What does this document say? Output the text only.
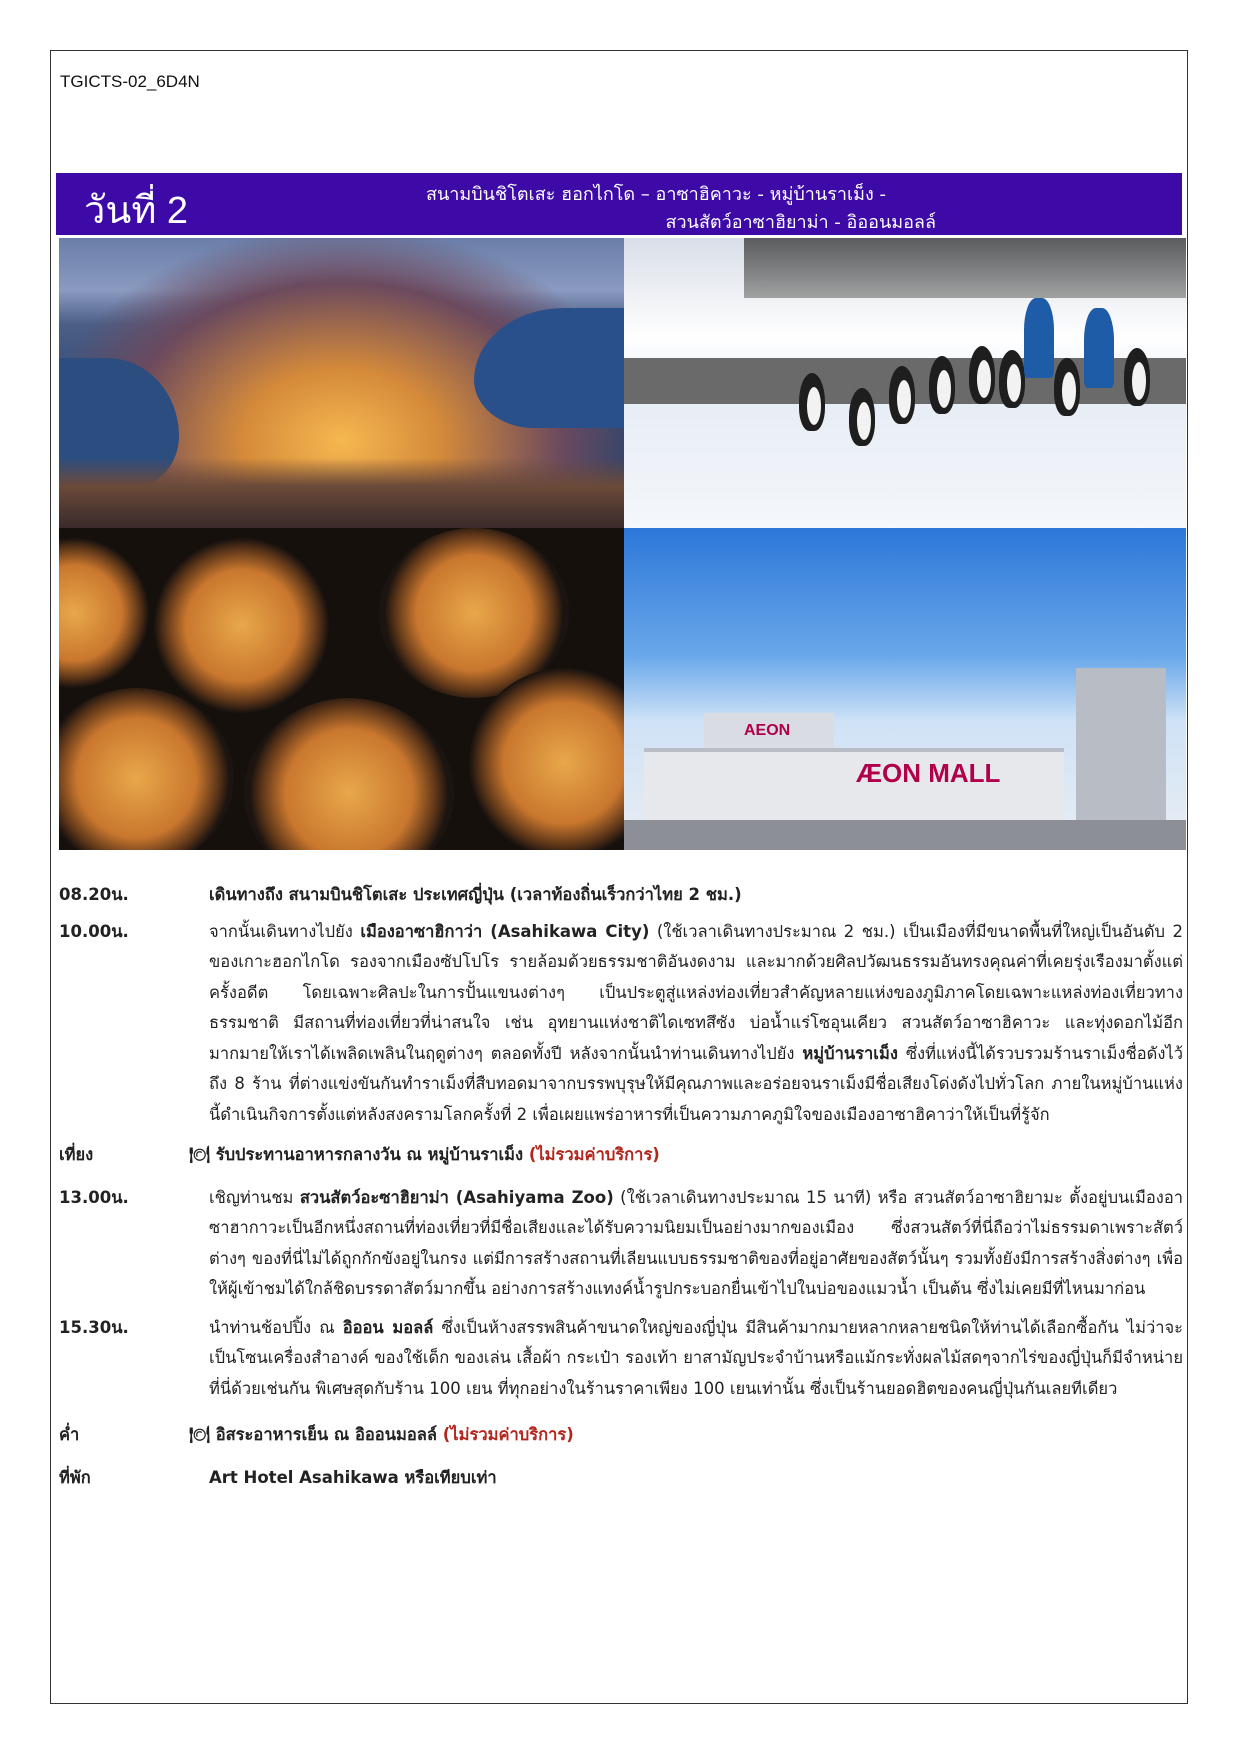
TGICTS-02_6D4N
วันที่ 2	สนามบินชิโตเสะ ฮอกไกโด – อาซาฮิคาวะ - หมู่บ้านราเม็ง -
สวนสัตว์อาซาฮิยาม่า - อิออนมอลล์
AEON
ÆON MALL
08.20น.	เดินทางถึง สนามบินชิโตเสะ ประเทศญี่ปุ่น (เวลาท้องถิ่นเร็วกว่าไทย 2 ชม.)
10.00น.	จากนั้นเดินทางไปยัง เมืองอาซาฮิกาว่า (Asahikawa City) (ใช้เวลาเดินทางประมาณ 2 ชม.) เป็นเมืองที่มีขนาดพื้นที่ใหญ่เป็นอันดับ 2 ของเกาะฮอกไกโด รองจากเมืองซัปโปโร รายล้อมด้วยธรรมชาติอันงดงาม และมากด้วยศิลปวัฒนธรรมอันทรงคุณค่าที่เคยรุ่งเรืองมาตั้งแต่ครั้งอดีต โดยเฉพาะศิลปะในการปั้นแขนงต่างๆ เป็นประตูสู่แหล่งท่องเที่ยวสำคัญหลายแห่งของภูมิภาคโดยเฉพาะแหล่งท่องเที่ยวทางธรรมชาติ มีสถานที่ท่องเที่ยวที่น่าสนใจ เช่น อุทยานแห่งชาติไดเซทสึซัง บ่อน้ำแร่โซอุนเคียว สวนสัตว์อาซาฮิคาวะ และทุ่งดอกไม้อีกมากมายให้เราได้เพลิดเพลินในฤดูต่างๆ ตลอดทั้งปี หลังจากนั้นนำท่านเดินทางไปยัง หมู่บ้านราเม็ง ซึ่งที่แห่งนี้ได้รวบรวมร้านราเม็งชื่อดังไว้ถึง 8 ร้าน ที่ต่างแข่งขันกันทำราเม็งที่สืบทอดมาจากบรรพบุรุษให้มีคุณภาพและอร่อยจนราเม็งมีชื่อเสียงโด่งดังไปทั่วโลก ภายในหมู่บ้านแห่งนี้ดำเนินกิจการตั้งแต่หลังสงครามโลกครั้งที่ 2 เพื่อเผยแพร่อาหารที่เป็นความภาคภูมิใจของเมืองอาซาฮิคาว่าให้เป็นที่รู้จัก
เที่ยง	🍽 รับประทานอาหารกลางวัน ณ หมู่บ้านราเม็ง (ไม่รวมค่าบริการ)
13.00น.	เชิญท่านชม สวนสัตว์อะซาฮิยาม่า (Asahiyama Zoo) (ใช้เวลาเดินทางประมาณ 15 นาที) หรือ สวนสัตว์อาซาฮิยามะ ตั้งอยู่บนเมืองอาซาฮากาวะเป็นอีกหนึ่งสถานที่ท่องเที่ยวที่มีชื่อเสียงและได้รับความนิยมเป็นอย่างมากของเมือง ซึ่งสวนสัตว์ที่นี่ถือว่าไม่ธรรมดาเพราะสัตว์ต่างๆ ของที่นี่ไม่ได้ถูกกักขังอยู่ในกรง แต่มีการสร้างสถานที่เลียนแบบธรรมชาติของที่อยู่อาศัยของสัตว์นั้นๆ รวมทั้งยังมีการสร้างสิ่งต่างๆ เพื่อให้ผู้เข้าชมได้ใกล้ชิดบรรดาสัตว์มากขึ้น อย่างการสร้างแทงค์น้ำรูปกระบอกยื่นเข้าไปในบ่อของแมวน้ำ เป็นต้น ซึ่งไม่เคยมีที่ไหนมาก่อน
15.30น.	นำท่านช้อปปิ้ง ณ อิออน มอลล์ ซึ่งเป็นห้างสรรพสินค้าขนาดใหญ่ของญี่ปุ่น มีสินค้ามากมายหลากหลายชนิดให้ท่านได้เลือกซื้อกัน ไม่ว่าจะเป็นโซนเครื่องสำอางค์ ของใช้เด็ก ของเล่น เสื้อผ้า กระเป๋า รองเท้า ยาสามัญประจำบ้านหรือแม้กระทั่งผลไม้สดๆจากไร่ของญี่ปุ่นก็มีจำหน่ายที่นี่ด้วยเช่นกัน พิเศษสุดกับร้าน 100 เยน ที่ทุกอย่างในร้านราคาเพียง 100 เยนเท่านั้น ซึ่งเป็นร้านยอดฮิตของคนญี่ปุ่นกันเลยทีเดียว
ค่ำ	🍽 อิสระอาหารเย็น ณ อิออนมอลล์ (ไม่รวมค่าบริการ)
ที่พัก	Art Hotel Asahikawa หรือเทียบเท่า
